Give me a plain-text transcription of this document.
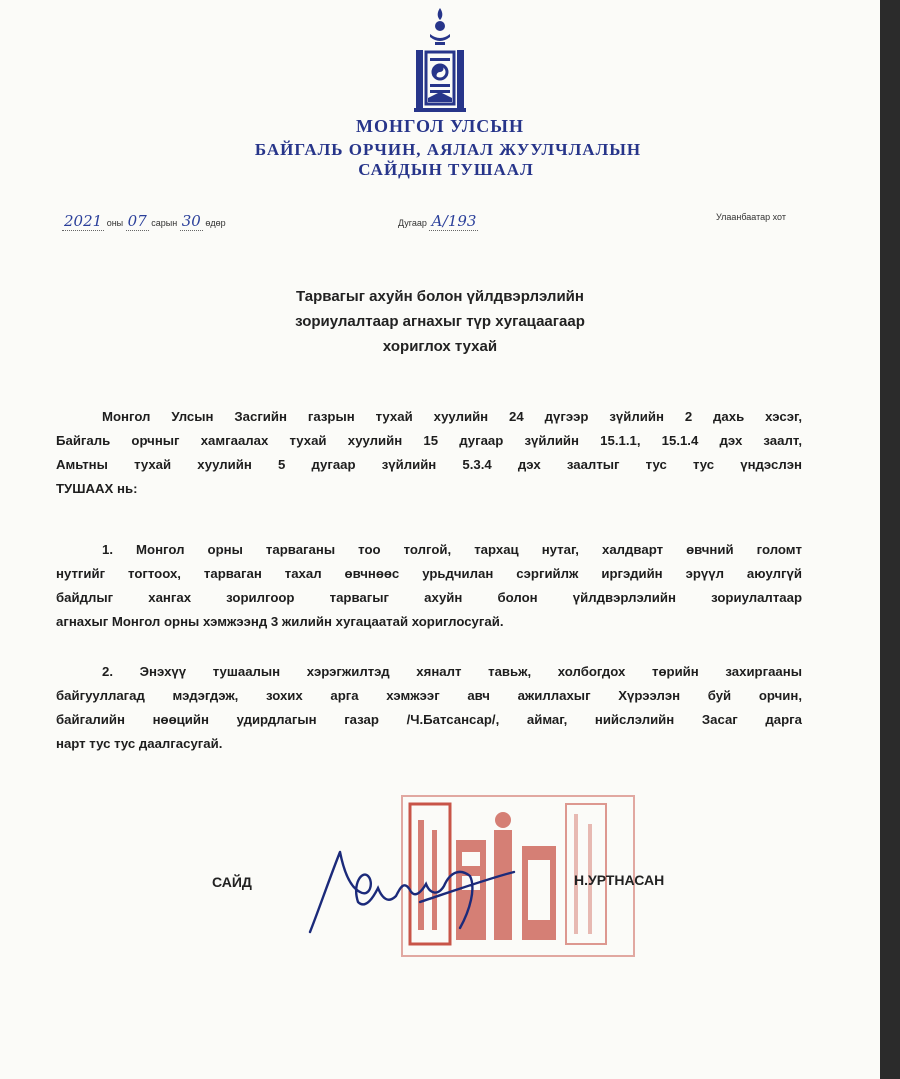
МОНГОЛ УЛСЫН
БАЙГАЛЬ ОРЧИН, АЯЛАЛ ЖУУЛЧЛАЛЫН
САЙДЫН ТУШААЛ
2021 оны 07 сарын 30 өдөр	Дугаар А/193	Улаанбаатар хот
Тарвагыг ахуйн болон үйлдвэрлэлийн
зориулалтаар агнахыг түр хугацаагаар
хориглох тухай
Монгол Улсын Засгийн газрын тухай хуулийн 24 дүгээр зүйлийн 2 дахь хэсэг,
Байгаль орчныг хамгаалах тухай хуулийн 15 дугаар зүйлийн 15.1.1, 15.1.4 дэх заалт,
Амьтны тухай хуулийн 5 дугаар зүйлийн 5.3.4 дэх заалтыг тус тус үндэслэн
ТУШААХ нь:
1. Монгол орны тарваганы тоо толгой, тархац нутаг, халдварт өвчний голомт
нутгийг тогтоох, тарваган тахал өвчнөөс урьдчилан сэргийлж иргэдийн эрүүл аюулгүй
байдлыг хангах зорилгоор тарвагыг ахуйн болон үйлдвэрлэлийн зориулалтаар
агнахыг Монгол орны хэмжээнд 3 жилийн хугацаатай хориглосугай.
2. Энэхүү тушаалын хэрэгжилтэд хяналт тавьж, холбогдох төрийн захиргааны
байгууллагад мэдэгдэж, зохих арга хэмжээг авч ажиллахыг Хүрээлэн буй орчин,
байгалийн нөөцийн удирдлагын газар /Ч.Батсансар/, аймаг, нийслэлийн Засаг дарга
нарт тус тус даалгасугай.
САЙД	Н.УРТНАСАН
